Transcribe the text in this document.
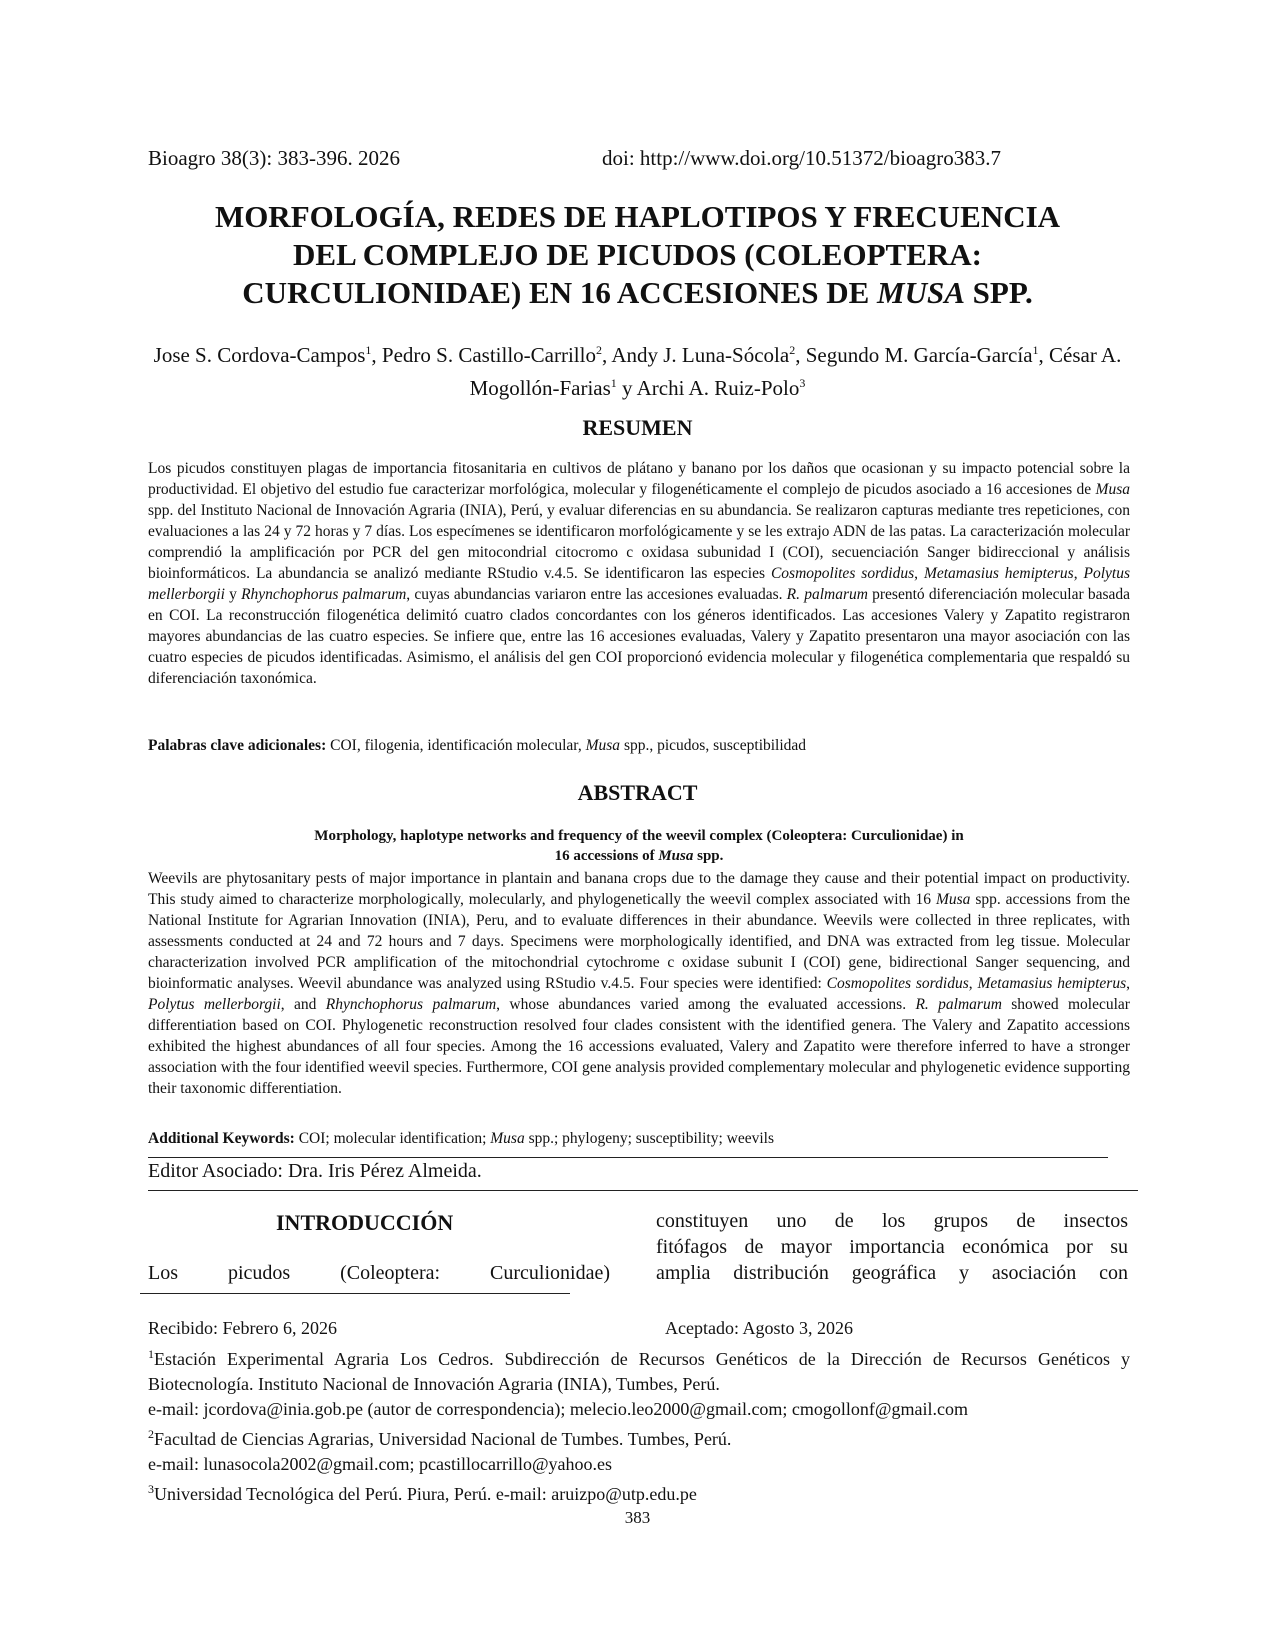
Bioagro 38(3): 383-396. 2026	doi: http://www.doi.org/10.51372/bioagro383.7
MORFOLOGÍA, REDES DE HAPLOTIPOS Y FRECUENCIA
DEL COMPLEJO DE PICUDOS (COLEOPTERA:
CURCULIONIDAE) EN 16 ACCESIONES DE MUSA SPP.
Jose S. Cordova-Campos$^1$, Pedro S. Castillo-Carrillo$^2$, Andy J. Luna-Sócola$^2$, Segundo M. García-García$^1$, César A. Mogollón-Farias$^1$ y Archi A. Ruiz-Polo$^3$
RESUMEN

Los picudos constituyen plagas de importancia fitosanitaria en cultivos de plátano y banano por los daños que ocasionan y su impacto potencial sobre la productividad. El objetivo del estudio fue caracterizar morfológica, molecular y filogenéticamente el complejo de picudos asociado a 16 accesiones de Musa spp. del Instituto Nacional de Innovación Agraria (INIA), Perú, y evaluar diferencias en su abundancia. Se realizaron capturas mediante tres repeticiones, con evaluaciones a las 24 y 72 horas y 7 días. Los especímenes se identificaron morfológicamente y se les extrajo ADN de las patas. La caracterización molecular comprendió la amplificación por PCR del gen mitocondrial citocromo c oxidasa subunidad I (COI), secuenciación Sanger bidireccional y análisis bioinformáticos. La abundancia se analizó mediante RStudio v.4.5. Se identificaron las especies Cosmopolites sordidus, Metamasius hemipterus, Polytus mellerborgii y Rhynchophorus palmarum, cuyas abundancias variaron entre las accesiones evaluadas. R. palmarum presentó diferenciación molecular basada en COI. La reconstrucción filogenética delimitó cuatro clados concordantes con los géneros identificados. Las accesiones Valery y Zapatito registraron mayores abundancias de las cuatro especies. Se infiere que, entre las 16 accesiones evaluadas, Valery y Zapatito presentaron una mayor asociación con las cuatro especies de picudos identificadas. Asimismo, el análisis del gen COI proporcionó evidencia molecular y filogenética complementaria que respaldó su diferenciación taxonómica.

Palabras clave adicionales: COI, filogenia, identificación molecular, Musa spp., picudos, susceptibilidad
ABSTRACT
Morphology, haplotype networks and frequency of the weevil complex (Coleoptera: Curculionidae) in
16 accessions of Musa spp.

Weevils are phytosanitary pests of major importance in plantain and banana crops due to the damage they cause and their potential impact on productivity. This study aimed to characterize morphologically, molecularly, and phylogenetically the weevil complex associated with 16 Musa spp. accessions from the National Institute for Agrarian Innovation (INIA), Peru, and to evaluate differences in their abundance. Weevils were collected in three replicates, with assessments conducted at 24 and 72 hours and 7 days. Specimens were morphologically identified, and DNA was extracted from leg tissue. Molecular characterization involved PCR amplification of the mitochondrial cytochrome c oxidase subunit I (COI) gene, bidirectional Sanger sequencing, and bioinformatic analyses. Weevil abundance was analyzed using RStudio v.4.5. Four species were identified: Cosmopolites sordidus, Metamasius hemipterus, Polytus mellerborgii, and Rhynchophorus palmarum, whose abundances varied among the evaluated accessions. R. palmarum showed molecular differentiation based on COI. Phylogenetic reconstruction resolved four clades consistent with the identified genera. The Valery and Zapatito accessions exhibited the highest abundances of all four species. Among the 16 accessions evaluated, Valery and Zapatito were therefore inferred to have a stronger association with the four identified weevil species. Furthermore, COI gene analysis provided complementary molecular and phylogenetic evidence supporting their taxonomic differentiation.

Additional Keywords: COI; molecular identification; Musa spp.; phylogeny; susceptibility; weevils
Editor Asociado: Dra. Iris Pérez Almeida.
INTRODUCCIÓN
Los picudos (Coleoptera: Curculionidae)
constituyen uno de los grupos de insectos
fitófagos de mayor importancia económica por su
amplia distribución geográfica y asociación con
Recibido: Febrero 6, 2026	Aceptado: Agosto 3, 2026
$^1$Estación Experimental Agraria Los Cedros. Subdirección de Recursos Genéticos de la Dirección de Recursos Genéticos y Biotecnología. Instituto Nacional de Innovación Agraria (INIA), Tumbes, Perú.
e-mail: jcordova@inia.gob.pe (autor de correspondencia); melecio.leo2000@gmail.com; cmogollonf@gmail.com
$^2$Facultad de Ciencias Agrarias, Universidad Nacional de Tumbes. Tumbes, Perú.
e-mail: lunasocola2002@gmail.com; pcastillocarrillo@yahoo.es
$^3$Universidad Tecnológica del Perú. Piura, Perú. e-mail: aruizpo@utp.edu.pe
383
